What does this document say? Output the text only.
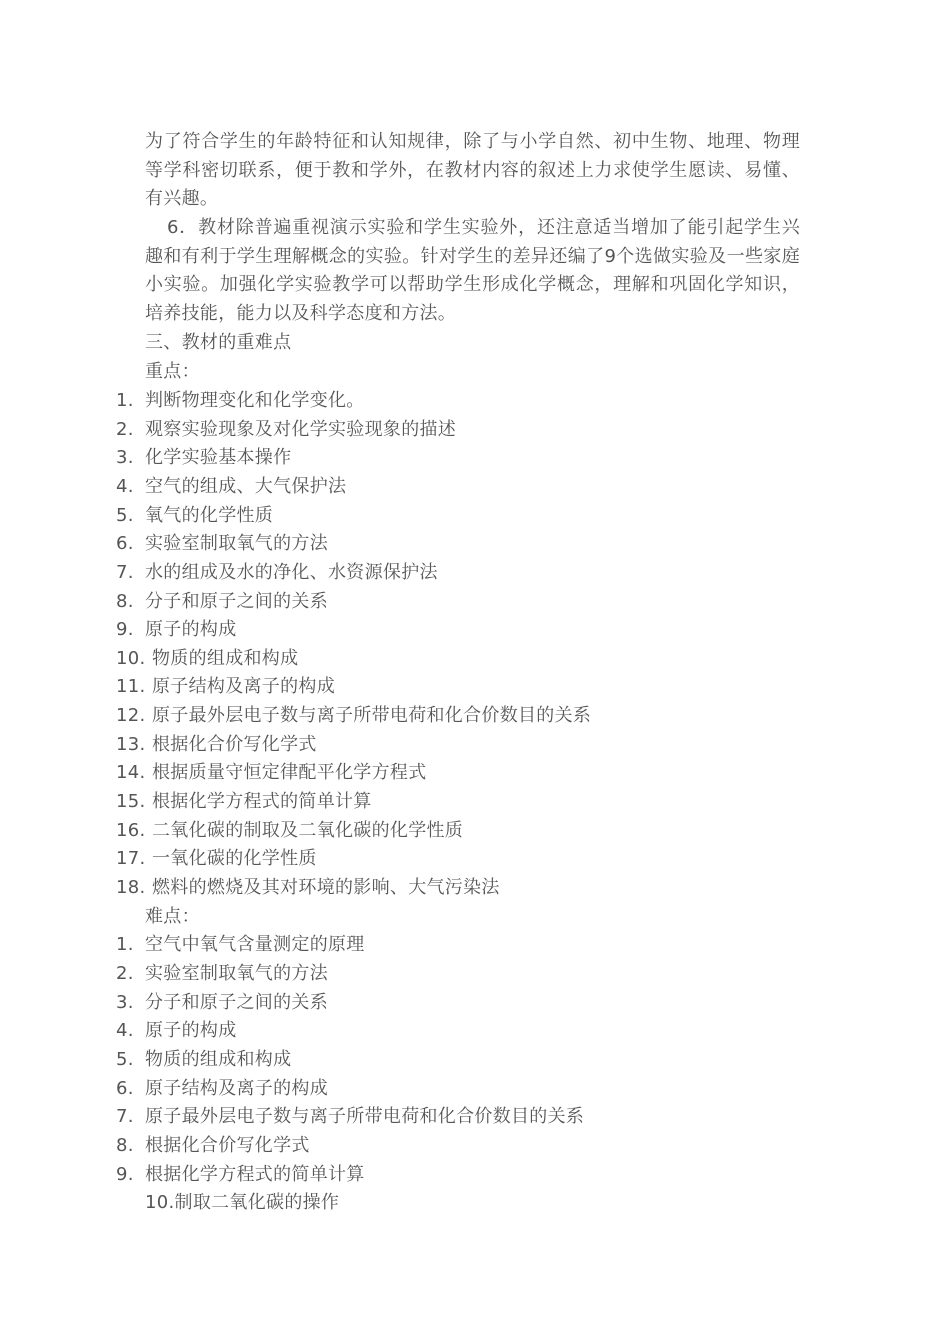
为了符合学生的年龄特征和认知规律，除了与小学自然、初中生物、地理、物理等学科密切联系，便于教和学外，在教材内容的叙述上力求使学生愿读、易懂、有兴趣。

6．教材除普遍重视演示实验和学生实验外，还注意适当增加了能引起学生兴趣和有利于学生理解概念的实验。针对学生的差异还编了9个选做实验及一些家庭小实验。加强化学实验教学可以帮助学生形成化学概念，理解和巩固化学知识，培养技能，能力以及科学态度和方法。

三、教材的重难点
重点：
1. 判断物理变化和化学变化。
2. 观察实验现象及对化学实验现象的描述
3. 化学实验基本操作
4. 空气的组成、大气保护法
5. 氧气的化学性质
6. 实验室制取氧气的方法
7. 水的组成及水的净化、水资源保护法
8. 分子和原子之间的关系
9. 原子的构成
10. 物质的组成和构成
11. 原子结构及离子的构成
12. 原子最外层电子数与离子所带电荷和化合价数目的关系
13. 根据化合价写化学式
14. 根据质量守恒定律配平化学方程式
15. 根据化学方程式的简单计算
16. 二氧化碳的制取及二氧化碳的化学性质
17. 一氧化碳的化学性质
18. 燃料的燃烧及其对环境的影响、大气污染法
难点：
1. 空气中氧气含量测定的原理
2. 实验室制取氧气的方法
3. 分子和原子之间的关系
4. 原子的构成
5. 物质的组成和构成
6. 原子结构及离子的构成
7. 原子最外层电子数与离子所带电荷和化合价数目的关系
8. 根据化合价写化学式
9. 根据化学方程式的简单计算
10.制取二氧化碳的操作
